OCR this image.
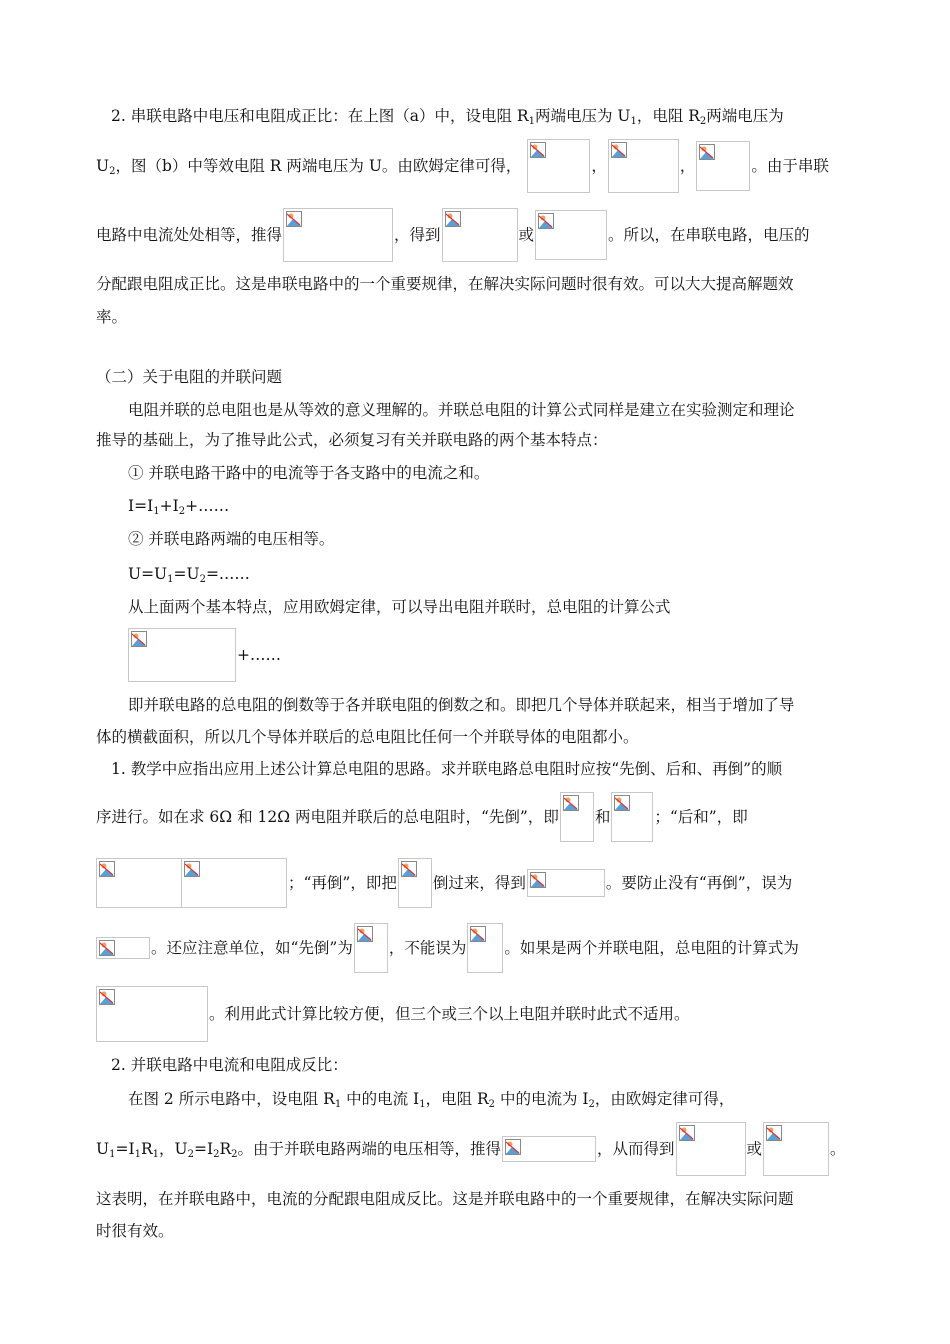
2. 串联电路中电压和电阻成正比：在上图（a）中，设电阻 $R_1$两端电压为 $U_1$，电阻 $R_2$两端电压为
$U_2$，图（b）中等效电阻 R 两端电压为 U。由欧姆定律可得，	，	，	。由于串联
电路中电流处处相等，推得	，得到	或	。所以，在串联电路，电压的
分配跟电阻成正比。这是串联电路中的一个重要规律，在解决实际问题时很有效。可以大大提高解题效
率。
（二）关于电阻的并联问题
电阻并联的总电阻也是从等效的意义理解的。并联总电阻的计算公式同样是建立在实验测定和理论
推导的基础上，为了推导此公式，必须复习有关并联电路的两个基本特点：
① 并联电路干路中的电流等于各支路中的电流之和。
$I=I_1+I_2+\dots\dots$
② 并联电路两端的电压相等。
$U=U_1=U_2=\dots\dots$
从上面两个基本特点，应用欧姆定律，可以导出电阻并联时，总电阻的计算公式
+……
即并联电路的总电阻的倒数等于各并联电阻的倒数之和。即把几个导体并联起来，相当于增加了导
体的横截面积，所以几个导体并联后的总电阻比任何一个并联导体的电阻都小。
1. 教学中应指出应用上述公计算总电阻的思路。求并联电路总电阻时应按“先倒、后和、再倒”的顺
序进行。如在求 6Ω 和 12Ω 两电阻并联后的总电阻时，“先倒”，即 和	；“后和”，即
；“再倒”，即把 倒过来，得到	。要防止没有“再倒”，误为
。还应注意单位，如“先倒”为 ，不能误为 。如果是两个并联电阻，总电阻的计算式为
。利用此式计算比较方便，但三个或三个以上电阻并联时此式不适用。
2. 并联电路中电流和电阻成反比：
在图 2 所示电路中，设电阻 $R_1$ 中的电流 $I_1$，电阻 $R_2$ 中的电流为 $I_2$，由欧姆定律可得，
$U_1=I_1R_1$，$U_2=I_2R_2$。由于并联电路两端的电压相等，推得	，从而得到	或	。
这表明，在并联电路中，电流的分配跟电阻成反比。这是并联电路中的一个重要规律，在解决实际问题
时很有效。
